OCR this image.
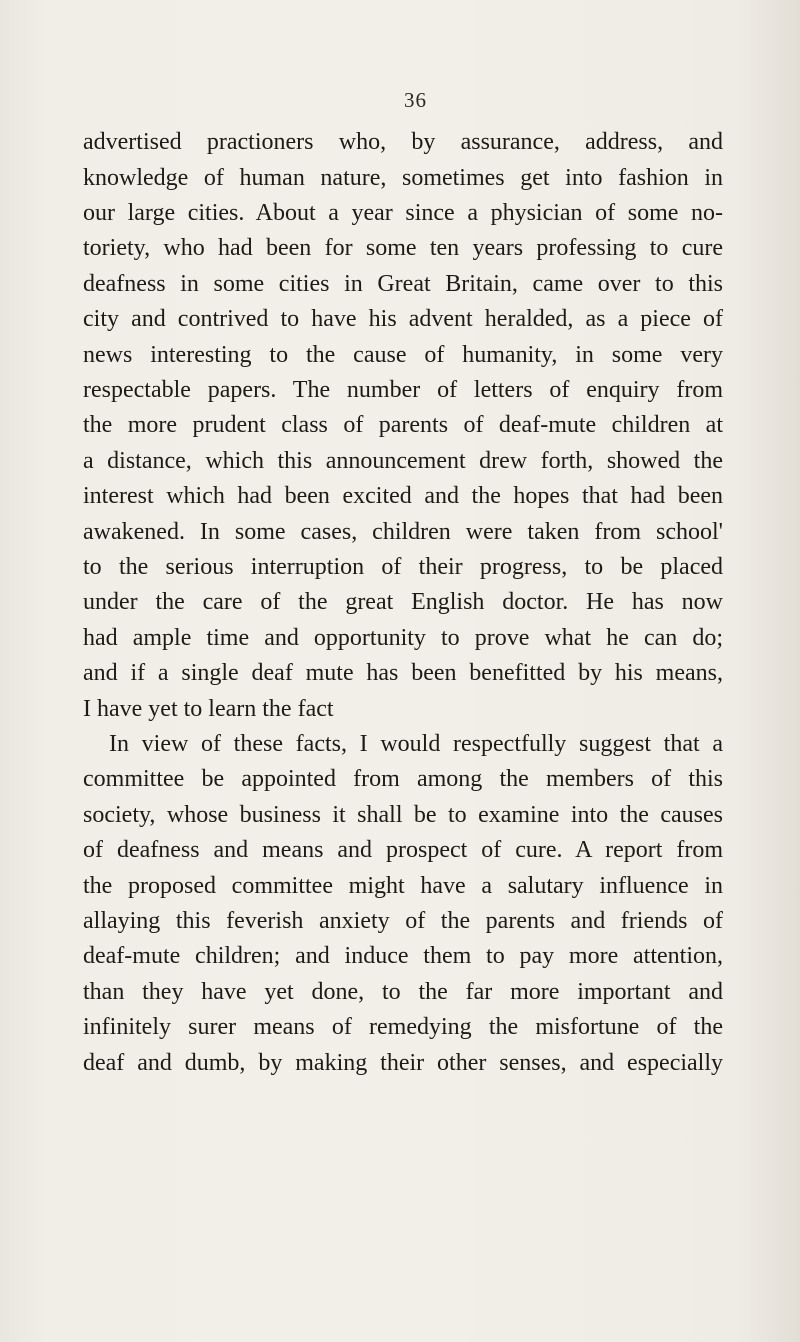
36
advertised practioners who, by assurance, address, and
knowledge of human nature, sometimes get into fashion in
our large cities. About a year since a physician of some no-
toriety, who had been for some ten years professing to cure
deafness in some cities in Great Britain, came over to this
city and contrived to have his advent heralded, as a piece of
news interesting to the cause of humanity, in some very
respectable papers. The number of letters of enquiry from
the more prudent class of parents of deaf-mute children at
a distance, which this announcement drew forth, showed the
interest which had been excited and the hopes that had been
awakened. In some cases, children were taken from school'
to the serious interruption of their progress, to be placed
under the care of the great English doctor. He has now
had ample time and opportunity to prove what he can do;
and if a single deaf mute has been benefitted by his means,
I have yet to learn the fact
In view of these facts, I would respectfully suggest that a
committee be appointed from among the members of this
society, whose business it shall be to examine into the causes
of deafness and means and prospect of cure. A report from
the proposed committee might have a salutary influence in
allaying this feverish anxiety of the parents and friends of
deaf-mute children; and induce them to pay more attention,
than they have yet done, to the far more important and
infinitely surer means of remedying the misfortune of the
deaf and dumb, by making their other senses, and especially
